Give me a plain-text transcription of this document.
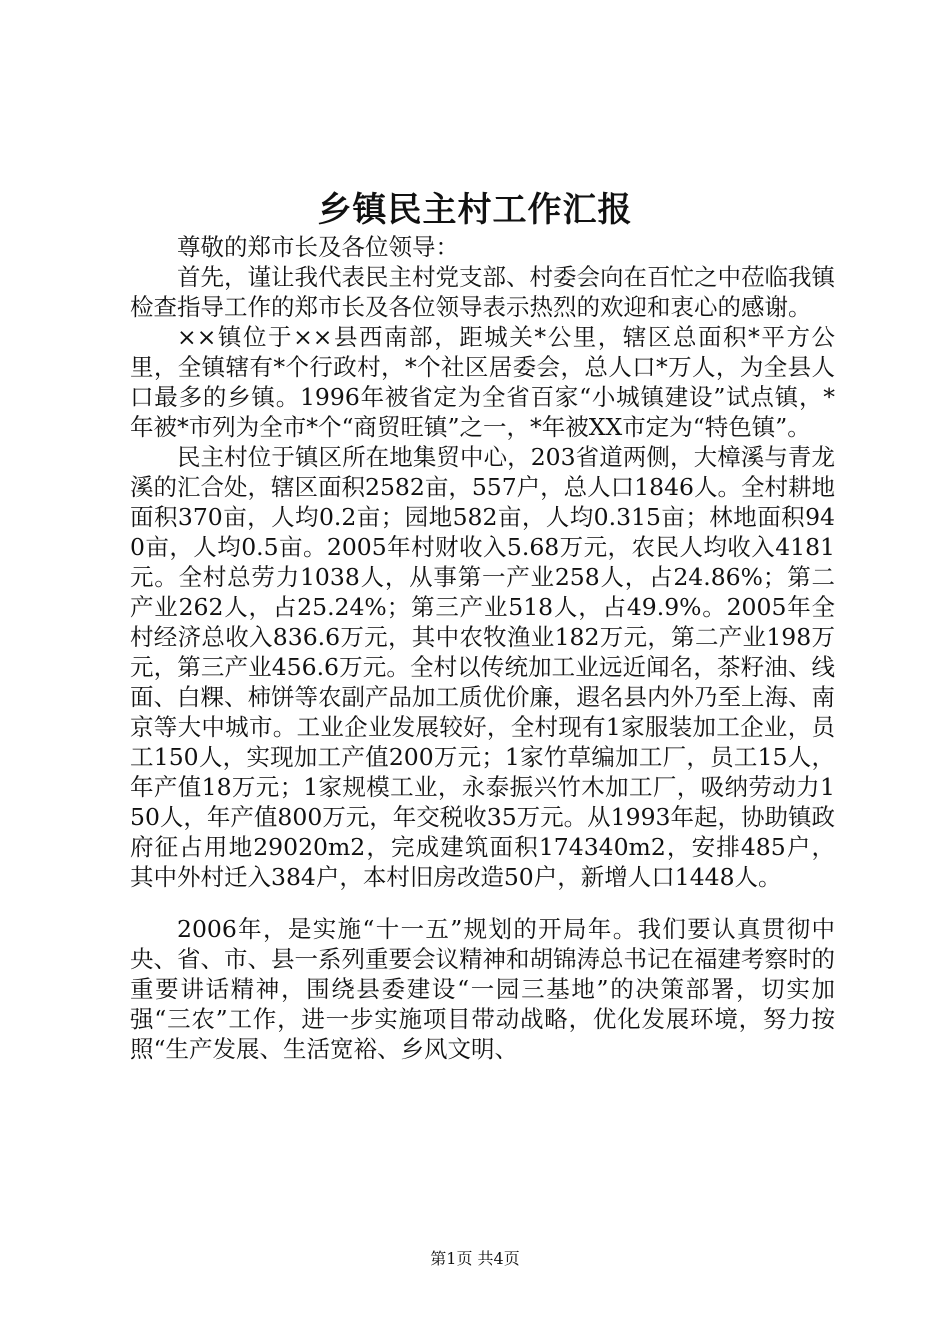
乡镇民主村工作汇报

尊敬的郑市长及各位领导：

首先，谨让我代表民主村党支部、村委会向在百忙之中莅临我镇检查指导工作的郑市长及各位领导表示热烈的欢迎和衷心的感谢。

××镇位于××县西南部，距城关*公里，辖区总面积*平方公里，全镇辖有*个行政村，*个社区居委会，总人口*万人，为全县人口最多的乡镇。1996年被省定为全省百家“小城镇建设”试点镇，*年被*市列为全市*个“商贸旺镇”之一，*年被XX市定为“特色镇”。

民主村位于镇区所在地集贸中心，203省道两侧，大樟溪与青龙溪的汇合处，辖区面积2582亩，557户，总人口1846人。全村耕地面积370亩，人均0.2亩；园地582亩，人均0.315亩；林地面积940亩，人均0.5亩。2005年村财收入5.68万元，农民人均收入4181元。全村总劳力1038人，从事第一产业258人，占24.86%；第二产业262人，占25.24%；第三产业518人，占49.9%。2005年全村经济总收入836.6万元，其中农牧渔业182万元，第二产业198万元，第三产业456.6万元。全村以传统加工业远近闻名，茶籽油、线面、白粿、柿饼等农副产品加工质优价廉，遐名县内外乃至上海、南京等大中城市。工业企业发展较好，全村现有1家服装加工企业，员工150人，实现加工产值200万元；1家竹草编加工厂，员工15人，年产值18万元；1家规模工业，永泰振兴竹木加工厂，吸纳劳动力150人，年产值800万元，年交税收35万元。从1993年起，协助镇政府征占用地29020m2，完成建筑面积174340m2，安排485户，其中外村迁入384户，本村旧房改造50户，新增人口1448人。

2006年，是实施“十一五”规划的开局年。我们要认真贯彻中央、省、市、县一系列重要会议精神和胡锦涛总书记在福建考察时的重要讲话精神，围绕县委建设“一园三基地”的决策部署，切实加强“三农”工作，进一步实施项目带动战略，优化发展环境，努力按照“生产发展、生活宽裕、乡风文明、

第1页 共4页
